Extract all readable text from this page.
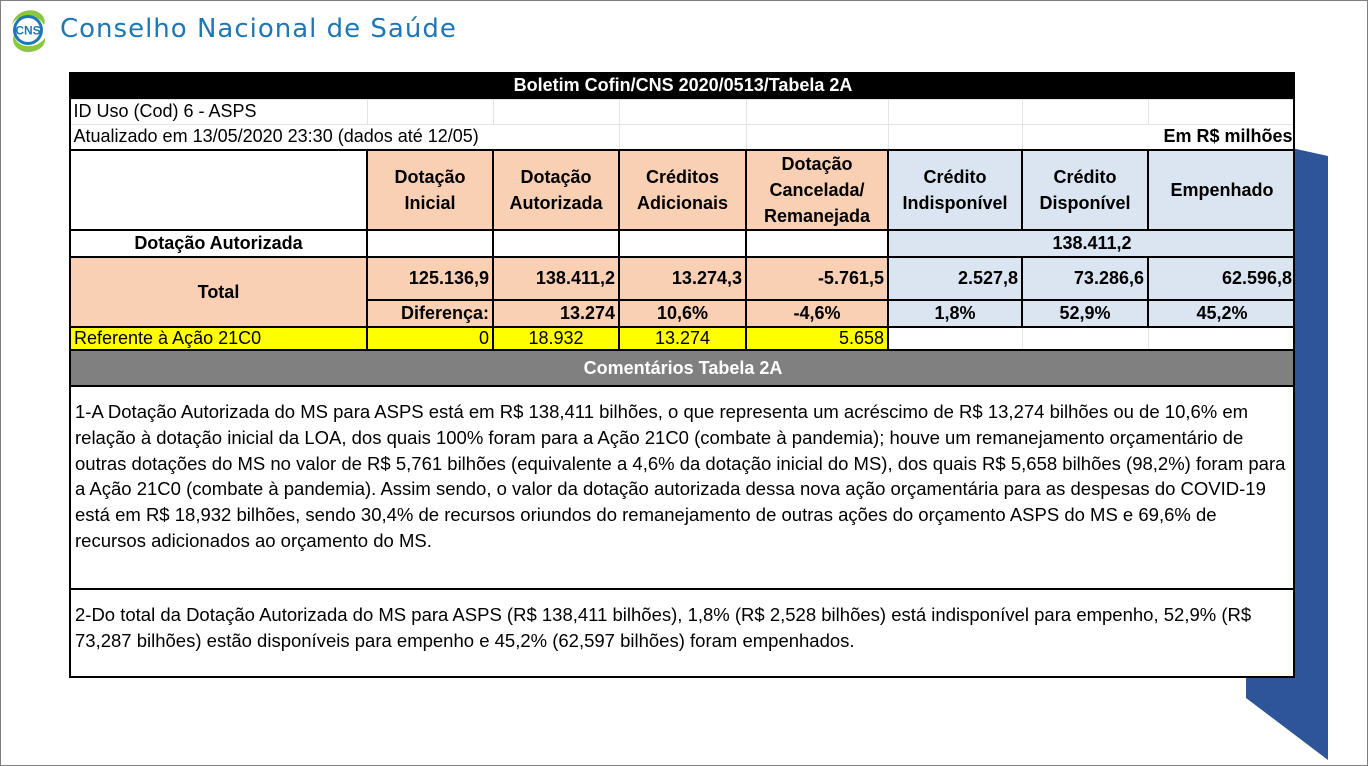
CNS Conselho Nacional de Saúde
Boletim Cofin/CNS 2020/0513/Tabela 2A							
ID Uso (Cod) 6 - ASPS							
Atualizado em 13/05/2020 23:30 (dados até 12/05)						Em R$ milhões	
	Dotação Inicial	Dotação Autorizada	Créditos Adicionais	Dotação Cancelada/ Remanejada	Crédito Indisponível	Crédito Disponível	Empenhado
Dotação Autorizada					138.411,2		
Total	125.136,9	138.411,2	13.274,3	-5.761,5	2.527,8	73.286,6	62.596,8
	Diferença:	13.274	10,6%	-4,6%	1,8%	52,9%	45,2%
Referente à Ação 21C0	0	18.932	13.274	5.658			
Comentários Tabela 2A							
1-A Dotação Autorizada do MS para ASPS está em R$ 138,411 bilhões, o que representa um acréscimo de R$ 13,274 bilhões ou de 10,6% em relação à dotação inicial da LOA, dos quais 100% foram para a Ação 21C0 (combate à pandemia); houve um remanejamento orçamentário de outras dotações do MS no valor de R$ 5,761 bilhões (equivalente a 4,6% da dotação inicial do MS), dos quais R$ 5,658 bilhões (98,2%) foram para a Ação 21C0 (combate à pandemia). Assim sendo, o valor da dotação autorizada dessa nova ação orçamentária para as despesas do COVID-19 está em R$ 18,932 bilhões, sendo 30,4% de recursos oriundos do remanejamento de outras ações do orçamento ASPS do MS e 69,6% de recursos adicionados ao orçamento do MS.							
2-Do total da Dotação Autorizada do MS para ASPS (R$ 138,411 bilhões), 1,8% (R$ 2,528 bilhões) está indisponível para empenho, 52,9% (R$ 73,287 bilhões) estão disponíveis para empenho e 45,2% (62,597 bilhões) foram empenhados.							
